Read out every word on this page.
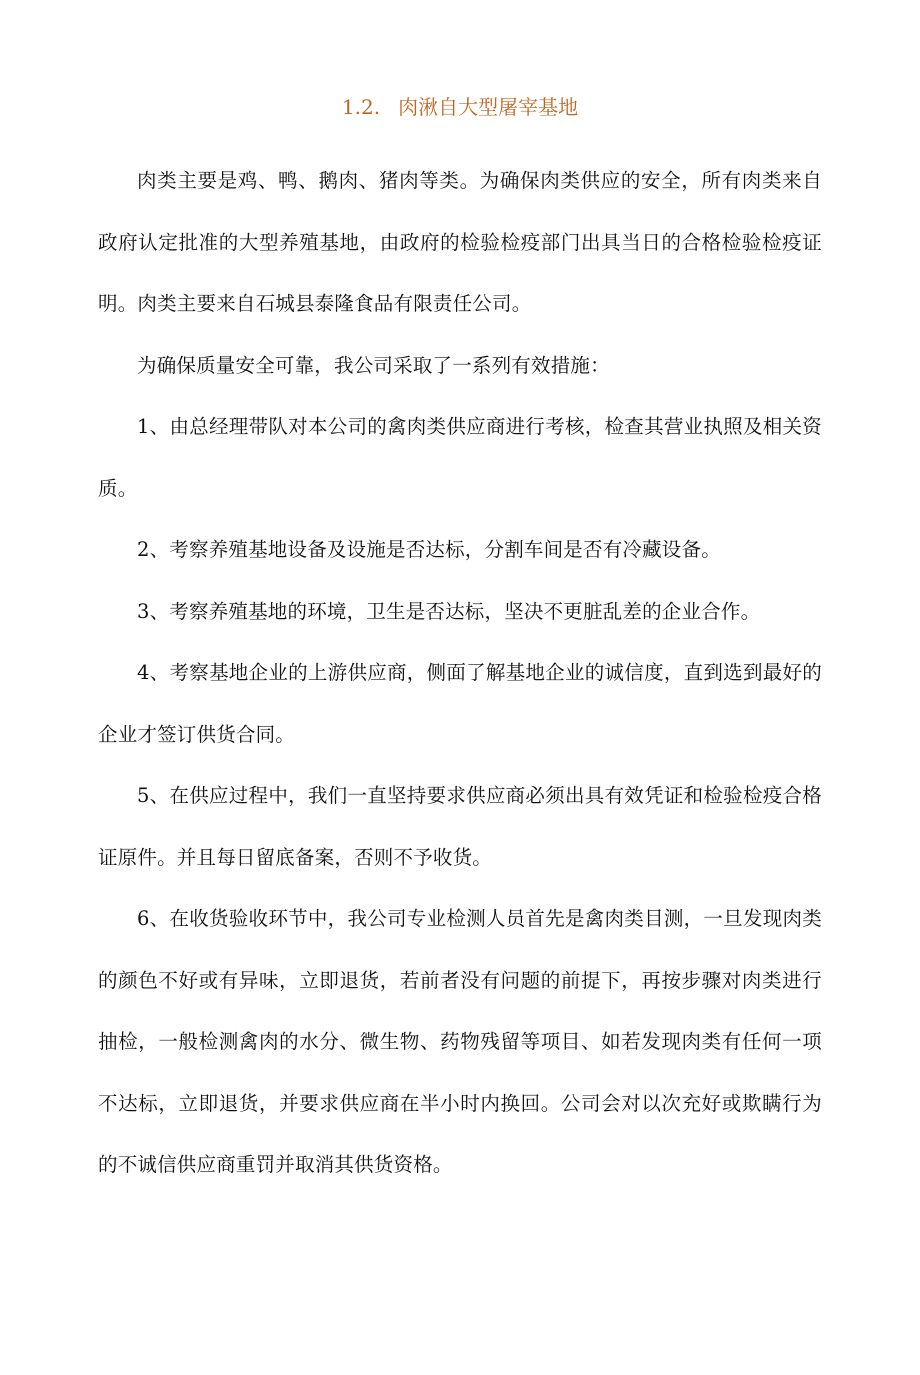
1.2. 肉湫自大型屠宰基地

肉类主要是鸡、鸭、鹅肉、猪肉等类。为确保肉类供应的安全，所有肉类来自政府认定批准的大型养殖基地，由政府的检验检疫部门出具当日的合格检验检疫证明。肉类主要来自石城县泰隆食品有限责任公司。

为确保质量安全可靠，我公司采取了一系列有效措施：

1、由总经理带队对本公司的禽肉类供应商进行考核，检查其营业执照及相关资质。

2、考察养殖基地设备及设施是否达标，分割车间是否有冷藏设备。

3、考察养殖基地的环境，卫生是否达标，坚决不更脏乱差的企业合作。

4、考察基地企业的上游供应商，侧面了解基地企业的诚信度，直到选到最好的企业才签订供货合同。

5、在供应过程中，我们一直坚持要求供应商必须出具有效凭证和检验检疫合格证原件。并且每日留底备案，否则不予收货。

6、在收货验收环节中，我公司专业检测人员首先是禽肉类目测，一旦发现肉类的颜色不好或有异味，立即退货，若前者没有问题的前提下，再按步骤对肉类进行抽检，一般检测禽肉的水分、微生物、药物残留等项目、如若发现肉类有任何一项不达标，立即退货，并要求供应商在半小时内换回。公司会对以次充好或欺瞒行为的不诚信供应商重罚并取消其供货资格。
